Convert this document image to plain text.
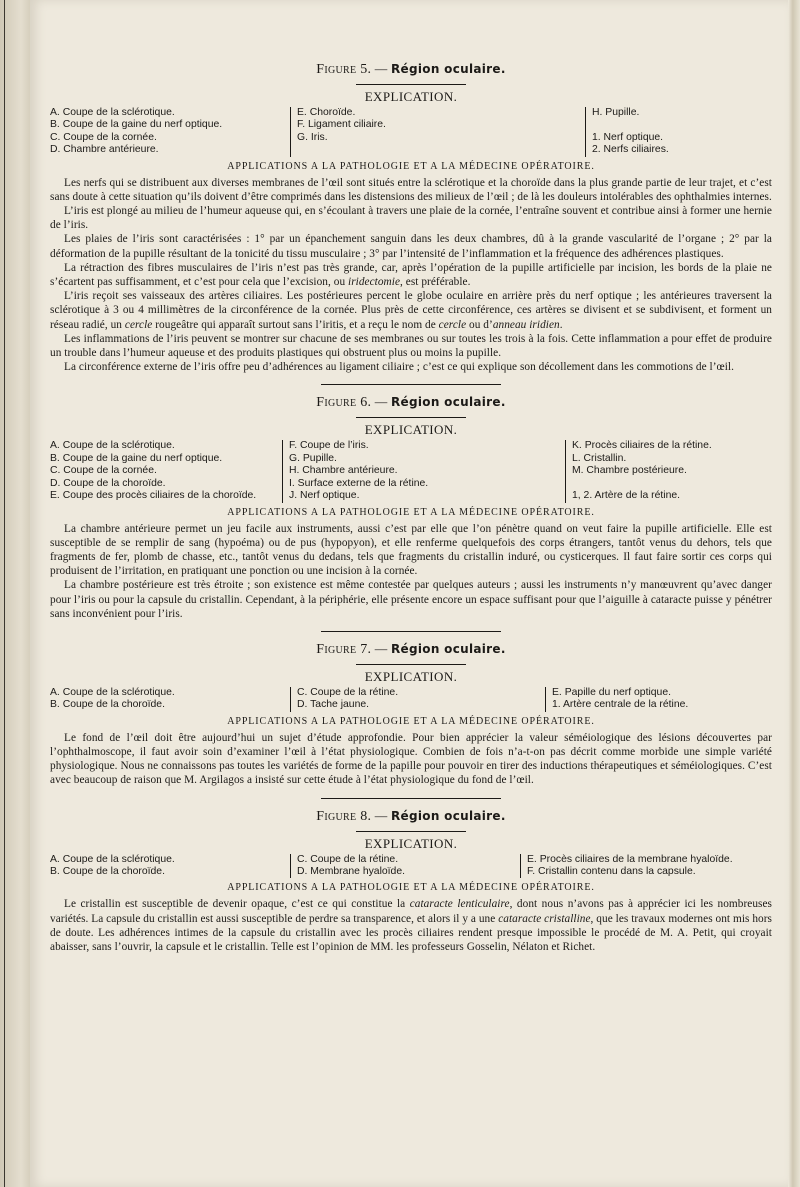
Figure 5. — Région oculaire.
EXPLICATION.
A. Coupe de la sclérotique.
B. Coupe de la gaine du nerf optique.
C. Coupe de la cornée.
D. Chambre antérieure.
E. Choroïde.
F. Ligament ciliaire.
G. Iris.
H. Pupille.

1. Nerf optique.
2. Nerfs ciliaires.
APPLICATIONS A LA PATHOLOGIE ET A LA MÉDECINE OPÉRATOIRE.

Les nerfs qui se distribuent aux diverses membranes de l’œil sont situés entre la sclérotique et la choroïde dans la plus grande partie de leur trajet, et c’est sans doute à cette situation qu’ils doivent d’être comprimés dans les distensions des milieux de l’œil ; de là les douleurs intolérables des ophthalmies internes.

L’iris est plongé au milieu de l’humeur aqueuse qui, en s’écoulant à travers une plaie de la cornée, l’entraîne souvent et contribue ainsi à former une hernie de l’iris.

Les plaies de l’iris sont caractérisées : 1° par un épanchement sanguin dans les deux chambres, dû à la grande vascularité de l’organe ; 2° par la déformation de la pupille résultant de la tonicité du tissu musculaire ; 3° par l’intensité de l’inflammation et la fréquence des adhérences plastiques.

La rétraction des fibres musculaires de l’iris n’est pas très grande, car, après l’opération de la pupille artificielle par incision, les bords de la plaie ne s’écartent pas suffisamment, et c’est pour cela que l’excision, ou iridectomie, est préférable.

L’iris reçoit ses vaisseaux des artères ciliaires. Les postérieures percent le globe oculaire en arrière près du nerf optique ; les antérieures traversent la sclérotique à 3 ou 4 millimètres de la circonférence de la cornée. Plus près de cette circonférence, ces artères se divisent et se subdivisent, et forment un réseau radié, un cercle rougeâtre qui apparaît surtout sans l’iritis, et a reçu le nom de cercle ou d’anneau iridien.

Les inflammations de l’iris peuvent se montrer sur chacune de ses membranes ou sur toutes les trois à la fois. Cette inflammation a pour effet de produire un trouble dans l’humeur aqueuse et des produits plastiques qui obstruent plus ou moins la pupille.

La circonférence externe de l’iris offre peu d’adhérences au ligament ciliaire ; c’est ce qui explique son décollement dans les commotions de l’œil.

Figure 6. — Région oculaire.
EXPLICATION.
A. Coupe de la sclérotique.
B. Coupe de la gaine du nerf optique.
C. Coupe de la cornée.
D. Coupe de la choroïde.
E. Coupe des procès ciliaires de la choroïde.
F. Coupe de l’iris.
G. Pupille.
H. Chambre antérieure.
I. Surface externe de la rétine.
J. Nerf optique.
K. Procès ciliaires de la rétine.
L. Cristallin.
M. Chambre postérieure.

1, 2. Artère de la rétine.
APPLICATIONS A LA PATHOLOGIE ET A LA MÉDECINE OPÉRATOIRE.

La chambre antérieure permet un jeu facile aux instruments, aussi c’est par elle que l’on pénètre quand on veut faire la pupille artificielle. Elle est susceptible de se remplir de sang (hypoéma) ou de pus (hypopyon), et elle renferme quelquefois des corps étrangers, tantôt venus du dehors, tels que fragments de fer, plomb de chasse, etc., tantôt venus du dedans, tels que fragments du cristallin induré, ou cysticerques. Il faut faire sortir ces corps qui produisent de l’irritation, en pratiquant une ponction ou une incision à la cornée.

La chambre postérieure est très étroite ; son existence est même contestée par quelques auteurs ; aussi les instruments n’y manœuvrent qu’avec danger pour l’iris ou pour la capsule du cristallin. Cependant, à la périphérie, elle présente encore un espace suffisant pour que l’aiguille à cataracte puisse y pénétrer sans inconvénient pour l’iris.

Figure 7. — Région oculaire.
EXPLICATION.
A. Coupe de la sclérotique.
B. Coupe de la choroïde.
C. Coupe de la rétine.
D. Tache jaune.
E. Papille du nerf optique.
1. Artère centrale de la rétine.
APPLICATIONS A LA PATHOLOGIE ET A LA MÉDECINE OPÉRATOIRE.

Le fond de l’œil doit être aujourd’hui un sujet d’étude approfondie. Pour bien apprécier la valeur séméiologique des lésions découvertes par l’ophthalmoscope, il faut avoir soin d’examiner l’œil à l’état physiologique. Combien de fois n’a-t-on pas décrit comme morbide une simple variété physiologique. Nous ne connaissons pas toutes les variétés de forme de la papille pour pouvoir en tirer des inductions thérapeutiques et séméiologiques. C’est avec beaucoup de raison que M. Argilagos a insisté sur cette étude à l’état physiologique du fond de l’œil.

Figure 8. — Région oculaire.
EXPLICATION.
A. Coupe de la sclérotique.
B. Coupe de la choroïde.
C. Coupe de la rétine.
D. Membrane hyaloïde.
E. Procès ciliaires de la membrane hyaloïde.
F. Cristallin contenu dans la capsule.
APPLICATIONS A LA PATHOLOGIE ET A LA MÉDECINE OPÉRATOIRE.

Le cristallin est susceptible de devenir opaque, c’est ce qui constitue la cataracte lenticulaire, dont nous n’avons pas à apprécier ici les nombreuses variétés. La capsule du cristallin est aussi susceptible de perdre sa transparence, et alors il y a une cataracte cristalline, que les travaux modernes ont mis hors de doute. Les adhérences intimes de la capsule du cristallin avec les procès ciliaires rendent presque impossible le procédé de M. A. Petit, qui croyait abaisser, sans l’ouvrir, la capsule et le cristallin. Telle est l’opinion de MM. les professeurs Gosselin, Nélaton et Richet.
